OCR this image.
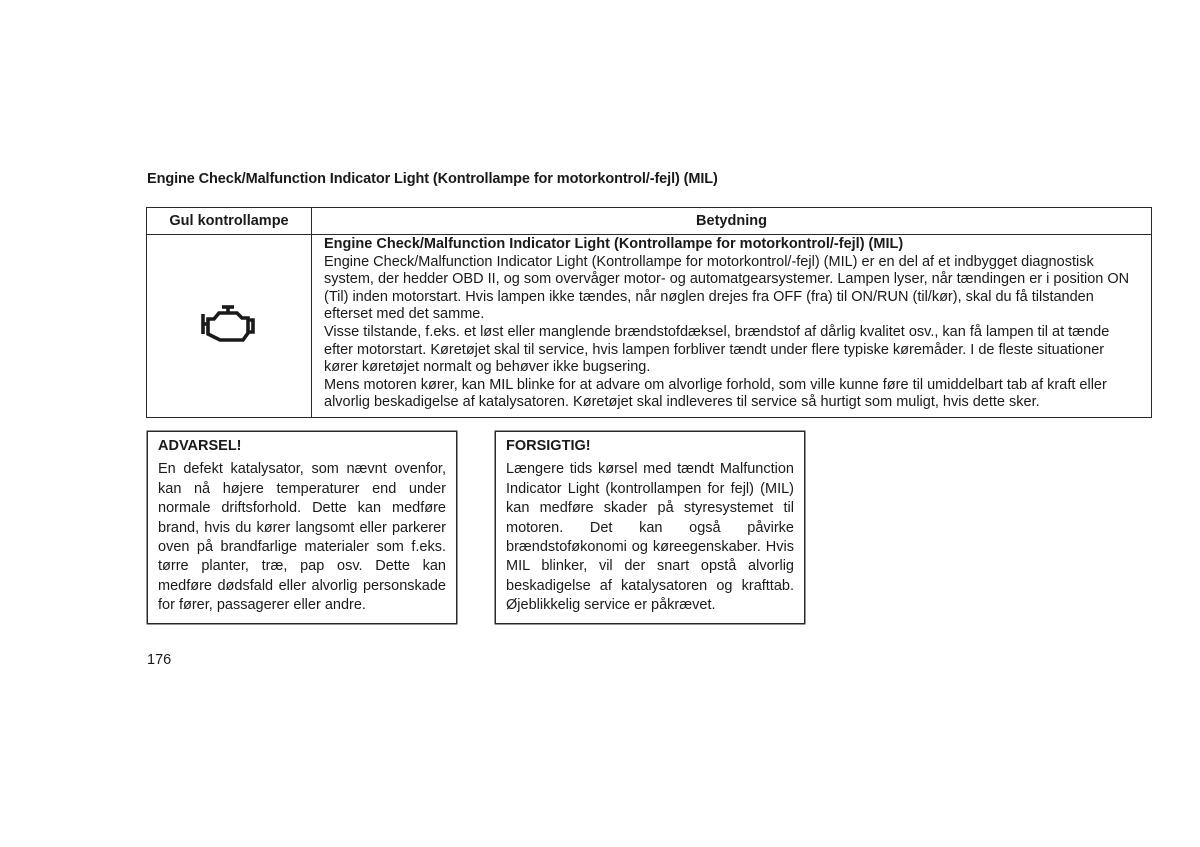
Engine Check/Malfunction Indicator Light (Kontrollampe for motorkontrol/-fejl) (MIL)
Gul kontrollampe	Betydning

Engine Check/Malfunction Indicator Light (Kontrollampe for motorkontrol/-fejl) (MIL)

Engine Check/Malfunction Indicator Light (Kontrollampe for motorkontrol/-fejl) (MIL) er en del af et indbygget diagnostisk system, der hedder OBD II, og som overvåger motor- og automatgearsystemer. Lampen lyser, når tændingen er i position ON (Til) inden motorstart. Hvis lampen ikke tændes, når nøglen drejes fra OFF (fra) til ON/RUN (til/kør), skal du få tilstanden efterset med det samme.

Visse tilstande, f.eks. et løst eller manglende brændstofdæksel, brændstof af dårlig kvalitet osv., kan få lampen til at tænde efter motorstart. Køretøjet skal til service, hvis lampen forbliver tændt under flere typiske køremåder. I de fleste situationer kører køretøjet normalt og behøver ikke bugsering.

Mens motoren kører, kan MIL blinke for at advare om alvorlige forhold, som ville kunne føre til umiddelbart tab af kraft eller alvorlig beskadigelse af katalysatoren. Køretøjet skal indleveres til service så hurtigt som muligt, hvis dette sker.

ADVARSEL!

En defekt katalysator, som nævnt ovenfor, kan nå højere temperaturer end under normale driftsforhold. Dette kan medføre brand, hvis du kører langsomt eller parkerer oven på brandfarlige materialer som f.eks. tørre planter, træ, pap osv. Dette kan medføre dødsfald eller alvorlig personskade for fører, passagerer eller andre.

FORSIGTIG!

Længere tids kørsel med tændt Malfunction Indicator Light (kontrollampen for fejl) (MIL) kan medføre skader på styresystemet til motoren. Det kan også påvirke brændstoføkonomi og køreegenskaber. Hvis MIL blinker, vil der snart opstå alvorlig beskadigelse af katalysatoren og krafttab. Øjeblikkelig service er påkrævet.

176
